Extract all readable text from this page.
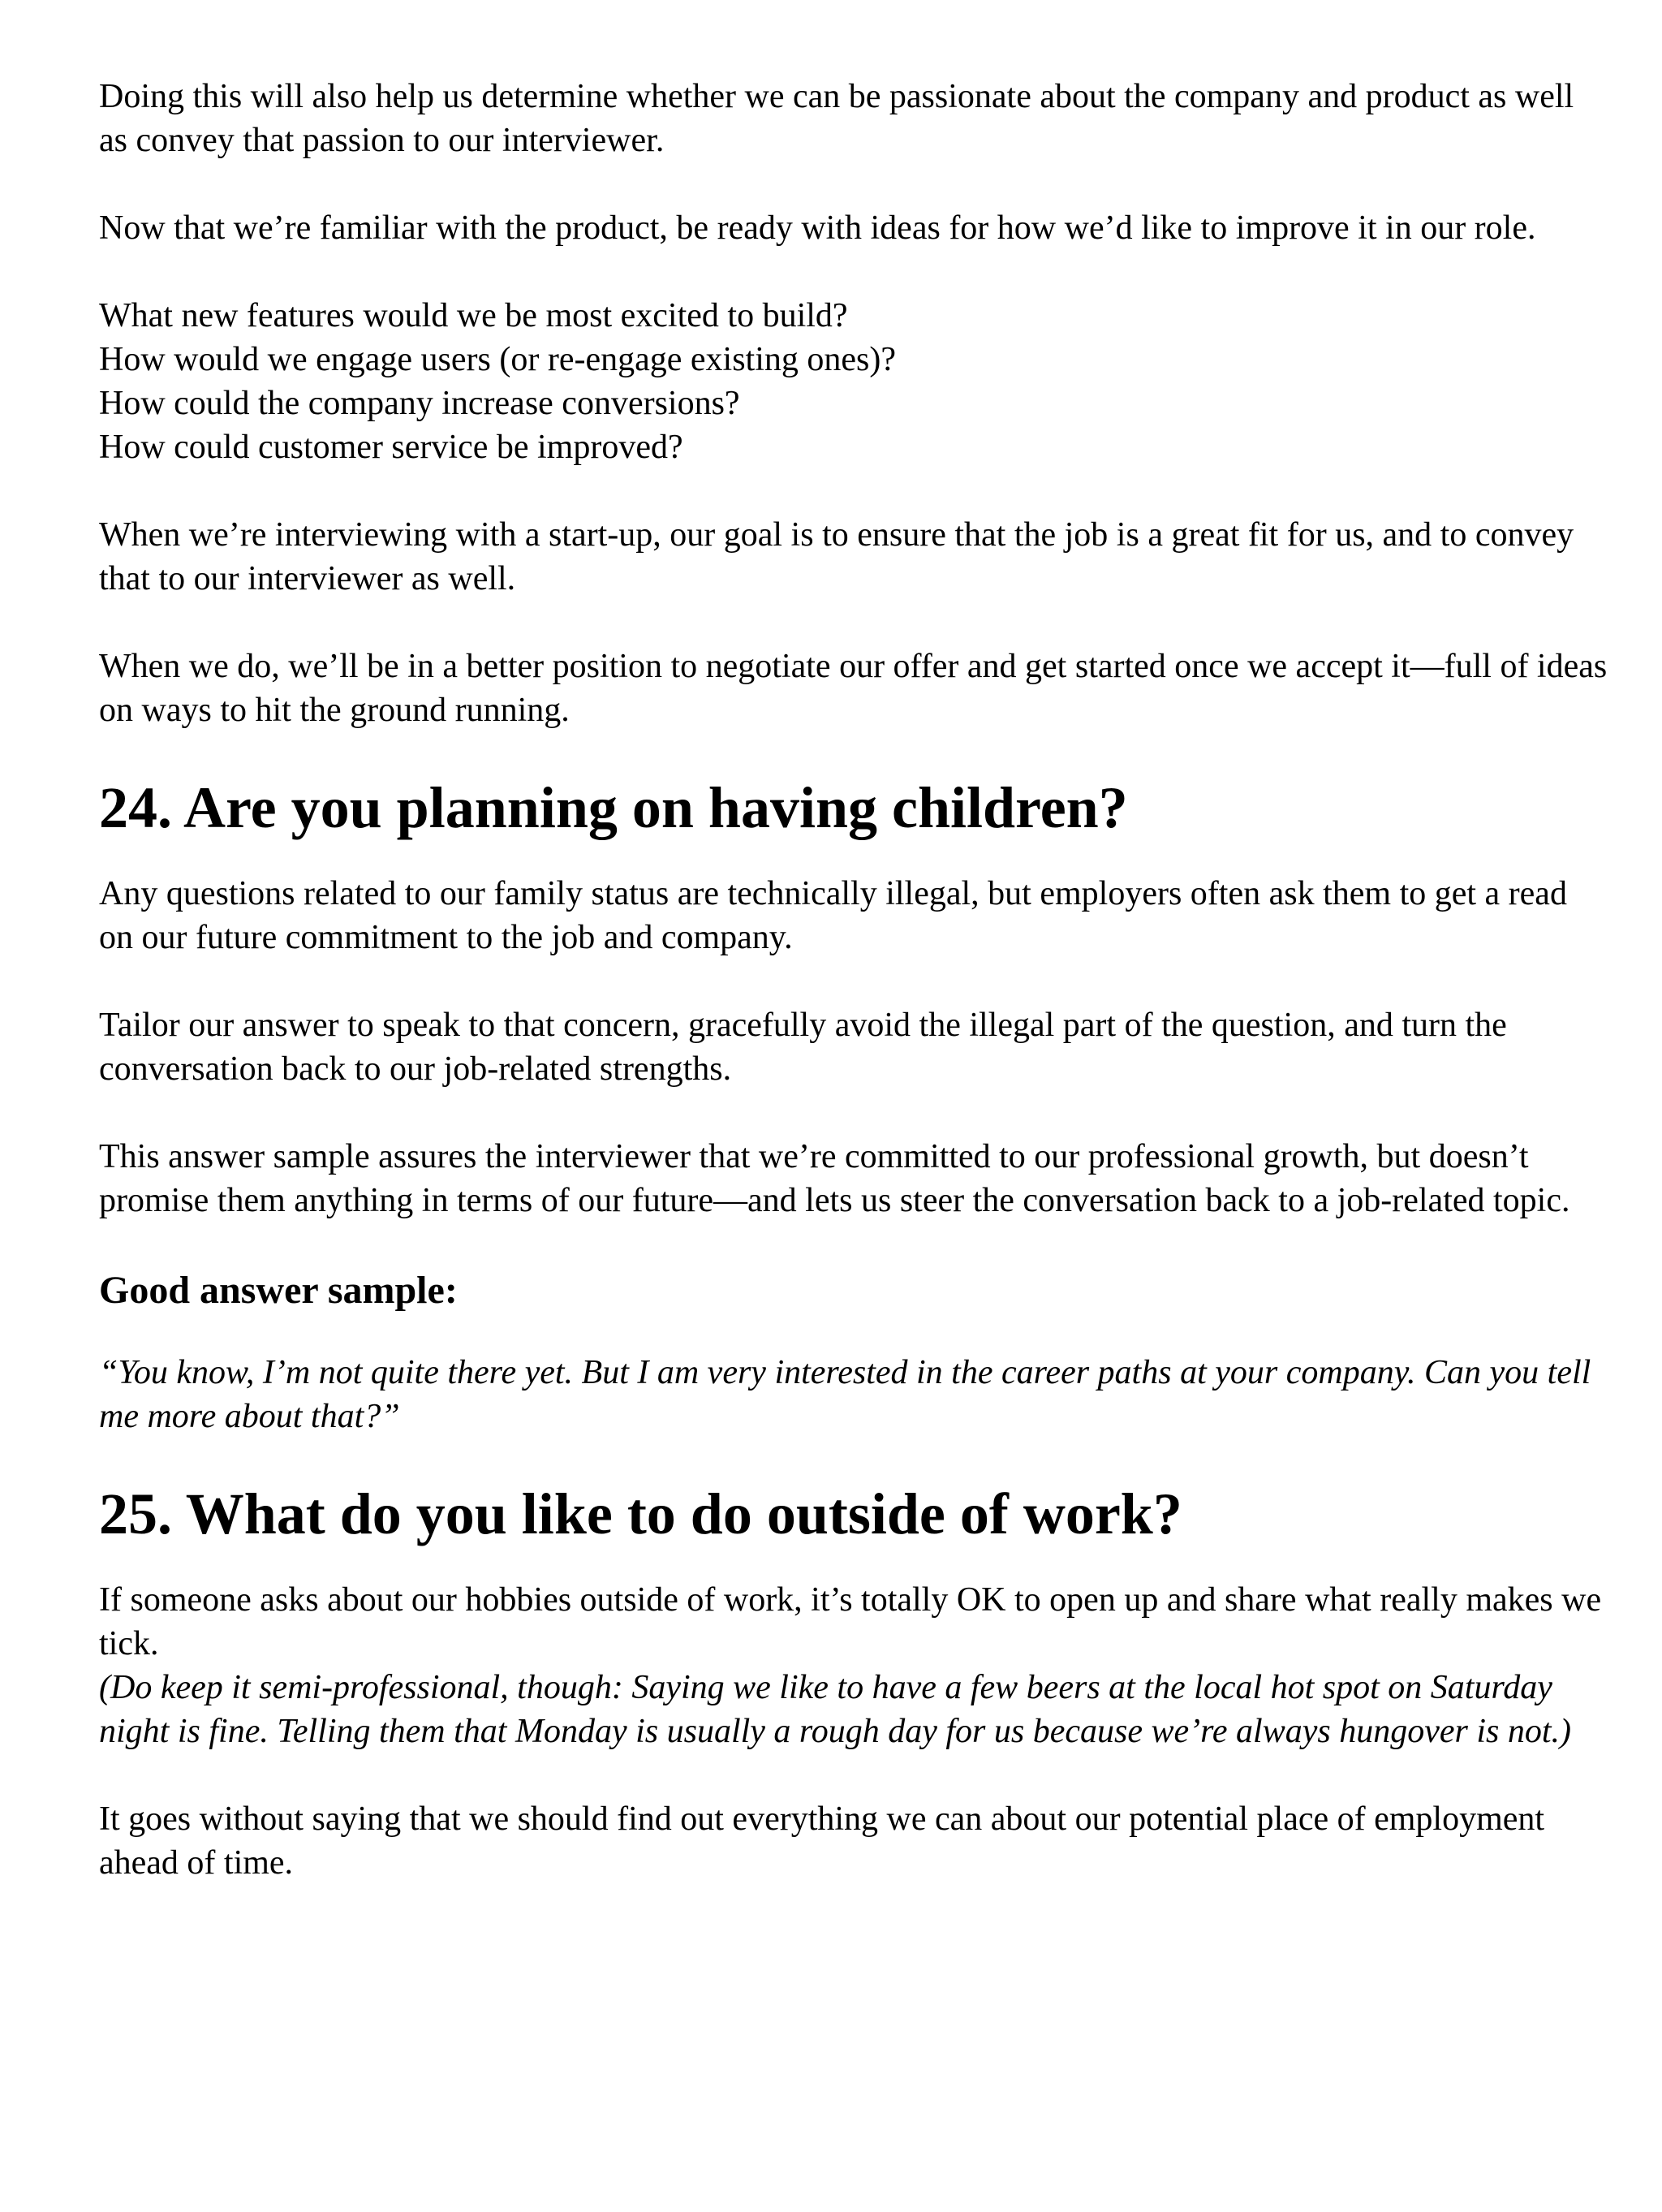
Doing this will also help us determine whether we can be passionate about the company and product as well as convey that passion to our interviewer.

Now that we’re familiar with the product, be ready with ideas for how we’d like to improve it in our role.

What new features would we be most excited to build?
How would we engage users (or re-engage existing ones)?
How could the company increase conversions?
How could customer service be improved?

When we’re interviewing with a start-up, our goal is to ensure that the job is a great fit for us, and to convey that to our interviewer as well.

When we do, we’ll be in a better position to negotiate our offer and get started once we accept it—full of ideas on ways to hit the ground running.

24. Are you planning on having children?

Any questions related to our family status are technically illegal, but employers often ask them to get a read on our future commitment to the job and company.

Tailor our answer to speak to that concern, gracefully avoid the illegal part of the question, and turn the conversation back to our job-related strengths.

This answer sample assures the interviewer that we’re committed to our professional growth, but doesn’t promise them anything in terms of our future—and lets us steer the conversation back to a job-related topic.

Good answer sample:

“You know, I’m not quite there yet. But I am very interested in the career paths at your company. Can you tell me more about that?”

25. What do you like to do outside of work?

If someone asks about our hobbies outside of work, it’s totally OK to open up and share what really makes we tick.

(Do keep it semi-professional, though: Saying we like to have a few beers at the local hot spot on Saturday night is fine. Telling them that Monday is usually a rough day for us because we’re always hungover is not.)

It goes without saying that we should find out everything we can about our potential place of employment ahead of time.
